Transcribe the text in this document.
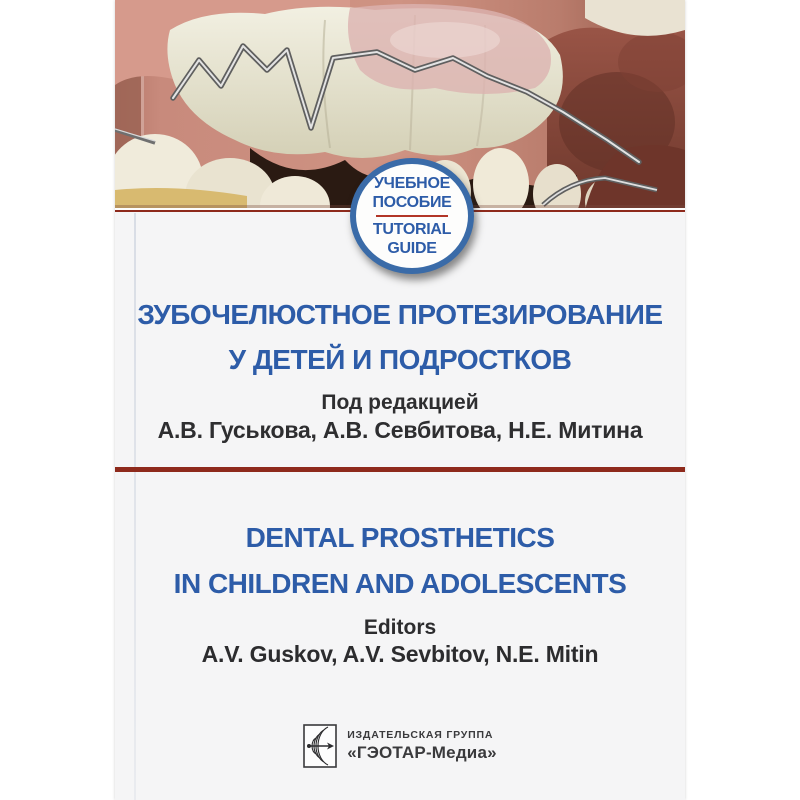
УЧЕБНОЕ
ПОСОБИЕ
TUTORIAL
GUIDE
ЗУБОЧЕЛЮСТНОЕ ПРОТЕЗИРОВАНИЕ
У ДЕТЕЙ И ПОДРОСТКОВ
Под редакцией
А.В. Гуськова, А.В. Севбитова, Н.Е. Митина
DENTAL PROSTHETICS
IN CHILDREN AND ADOLESCENTS
Editors
A.V. Guskov, A.V. Sevbitov, N.E. Mitin
ИЗДАТЕЛЬСКАЯ ГРУППА
«ГЭОТАР-Медиа»
